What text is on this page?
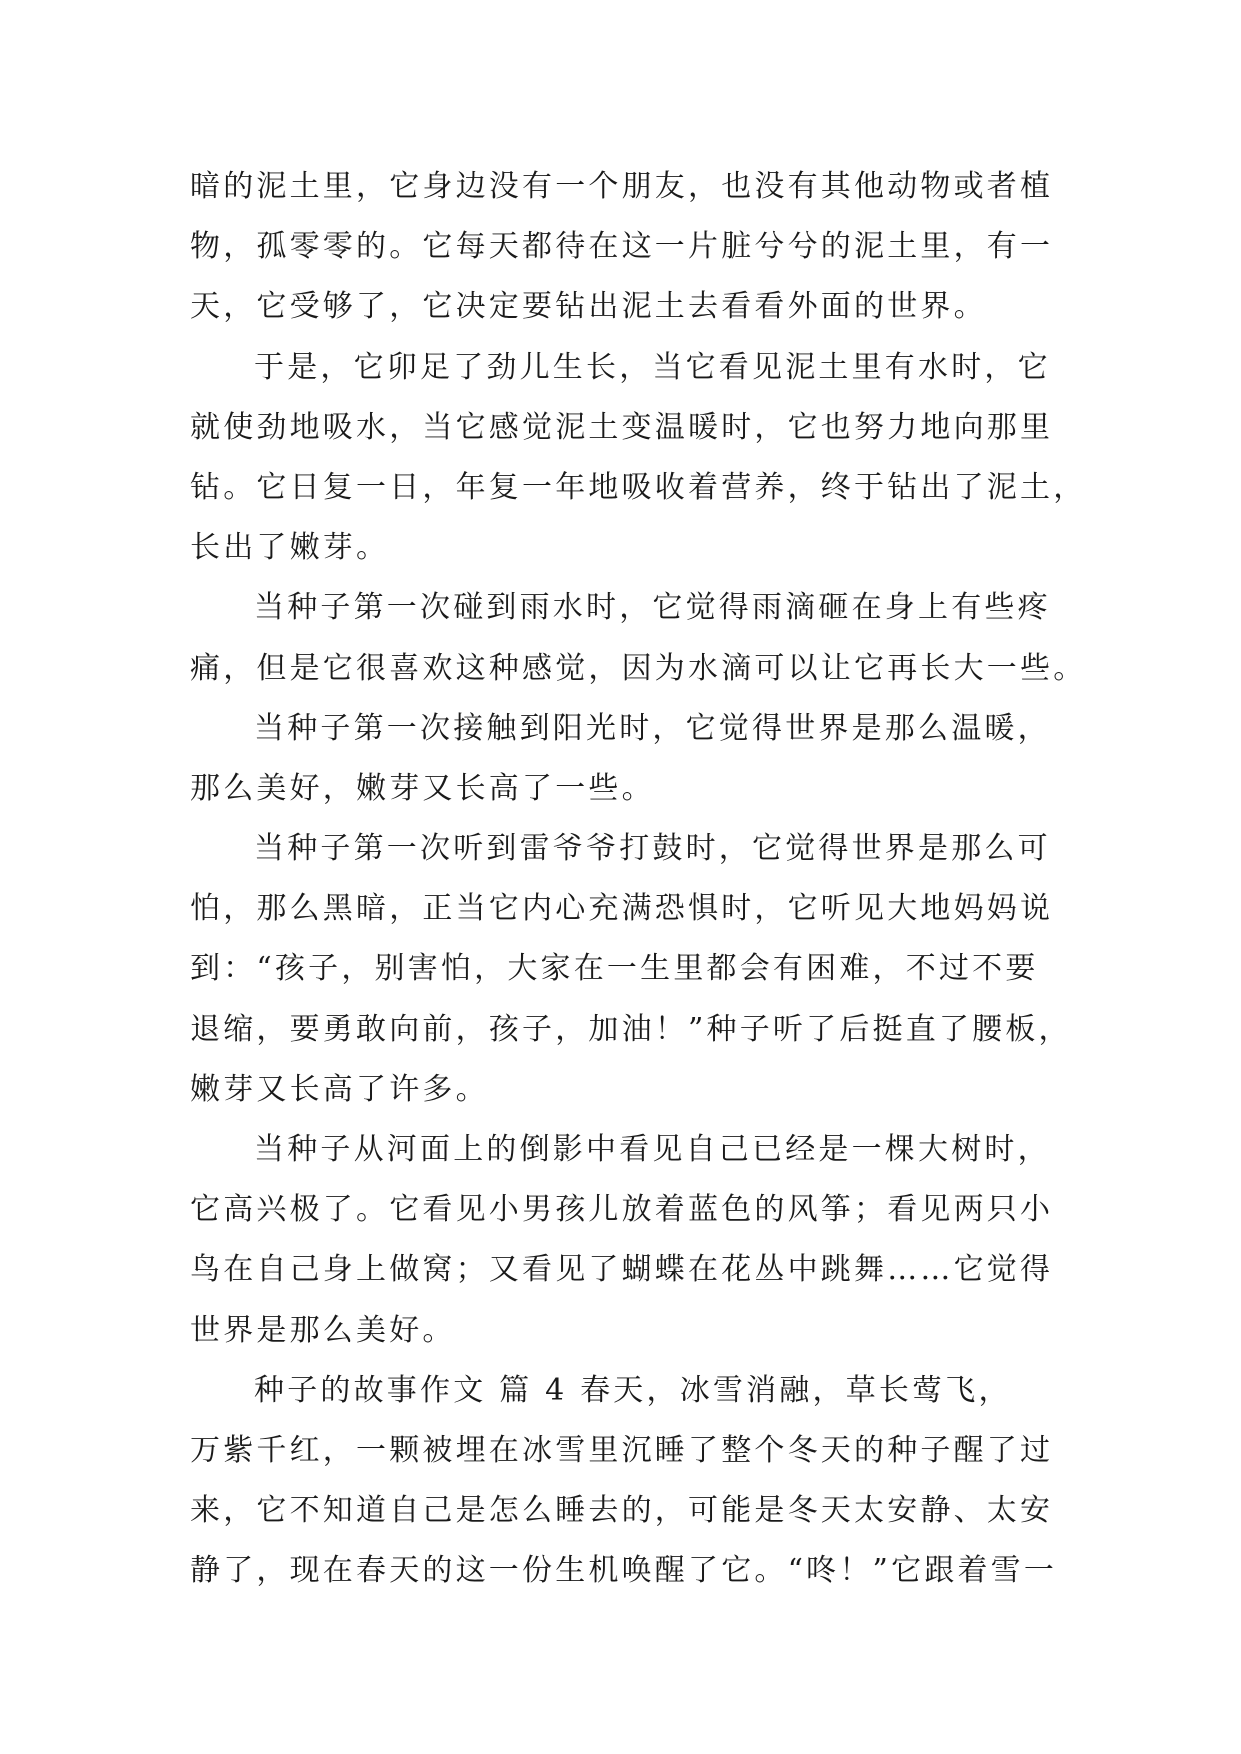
暗的泥土里，它身边没有一个朋友，也没有其他动物或者植
物，孤零零的。它每天都待在这一片脏兮兮的泥土里，有一
天，它受够了，它决定要钻出泥土去看看外面的世界。
于是，它卯足了劲儿生长，当它看见泥土里有水时，它
就使劲地吸水，当它感觉泥土变温暖时，它也努力地向那里
钻。它日复一日，年复一年地吸收着营养，终于钻出了泥土，
长出了嫩芽。
当种子第一次碰到雨水时，它觉得雨滴砸在身上有些疼
痛，但是它很喜欢这种感觉，因为水滴可以让它再长大一些。
当种子第一次接触到阳光时，它觉得世界是那么温暖，
那么美好，嫩芽又长高了一些。
当种子第一次听到雷爷爷打鼓时，它觉得世界是那么可
怕，那么黑暗，正当它内心充满恐惧时，它听见大地妈妈说
到：“孩子，别害怕，大家在一生里都会有困难，不过不要
退缩，要勇敢向前，孩子，加油！”种子听了后挺直了腰板，
嫩芽又长高了许多。
当种子从河面上的倒影中看见自己已经是一棵大树时，
它高兴极了。它看见小男孩儿放着蓝色的风筝；看见两只小
鸟在自己身上做窝；又看见了蝴蝶在花丛中跳舞……它觉得
世界是那么美好。
种子的故事作文 篇 4 春天，冰雪消融，草长莺飞，
万紫千红，一颗被埋在冰雪里沉睡了整个冬天的种子醒了过
来，它不知道自己是怎么睡去的，可能是冬天太安静、太安
静了，现在春天的这一份生机唤醒了它。“咚！”它跟着雪一
